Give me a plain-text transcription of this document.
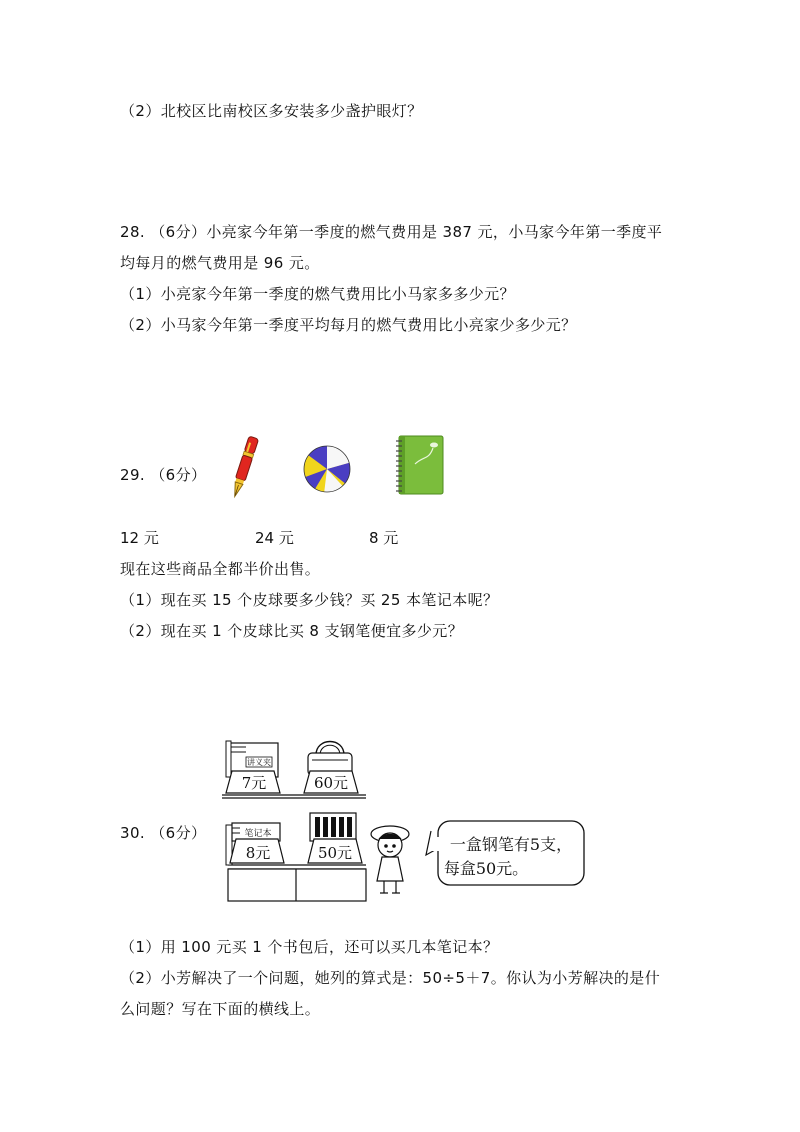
（2）北校区比南校区多安装多少盏护眼灯？
28. （6分）小亮家今年第一季度的燃气费用是 387 元，小马家今年第一季度平
均每月的燃气费用是 96 元。
（1）小亮家今年第一季度的燃气费用比小马家多多少元？
（2）小马家今年第一季度平均每月的燃气费用比小亮家少多少元？
29. （6分）
12 元	24 元	8 元
现在这些商品全都半价出售。
（1）现在买 15 个皮球要多少钱？买 25 本笔记本呢？
（2）现在买 1 个皮球比买 8 支钢笔便宜多少元？
30. （6分）
讲义夹
7元	60元
笔记本
8元	50元	一盒钢笔有5支，
每盒50元。
（1）用 100 元买 1 个书包后，还可以买几本笔记本？
（2）小芳解决了一个问题，她列的算式是：50÷5＋7。你认为小芳解决的是什
么问题？写在下面的横线上。
